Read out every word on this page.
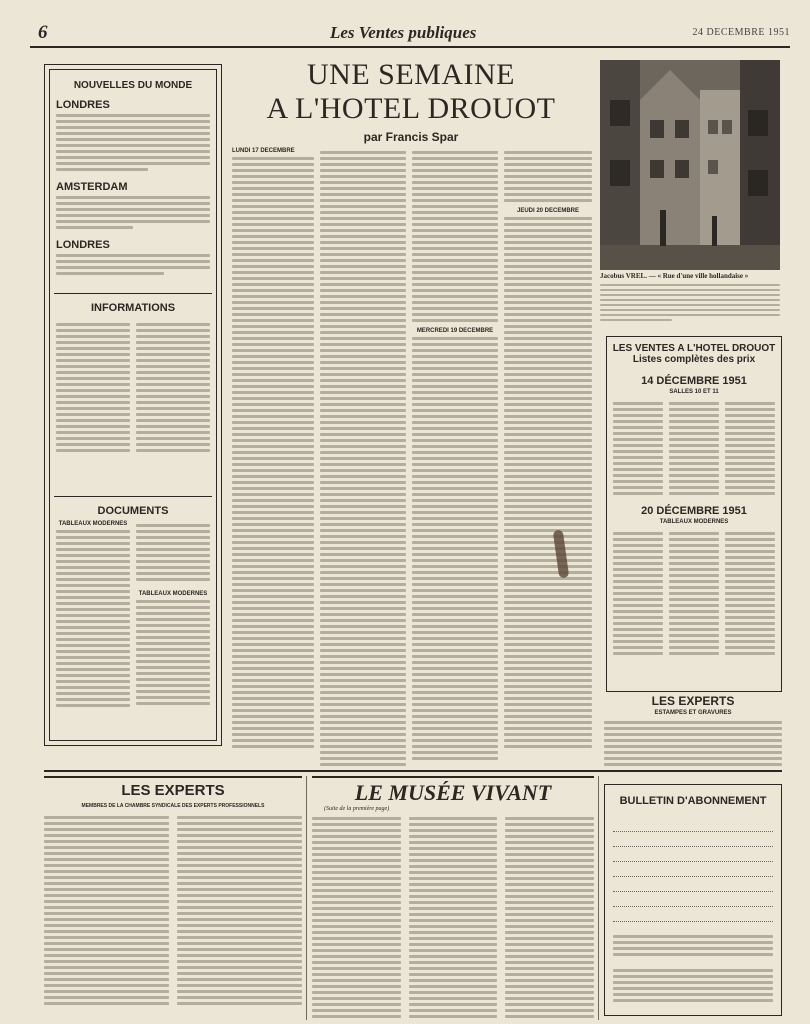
6	Les Ventes publiques	24 DECEMBRE 1951
NOUVELLES DU MONDE
LONDRES
AMSTERDAM
LONDRES
INFORMATIONS
DOCUMENTS
TABLEAUX MODERNES
TABLEAUX MODERNES
UNE SEMAINE
A L'HOTEL DROUOT
par Francis Spar
LUNDI 17 DECEMBRE
MERCREDI 19 DECEMBRE
JEUDI 20 DECEMBRE
Jacobus VREL. — « Rue d'une ville hollandaise »
LES VENTES A L'HOTEL DROUOT
Listes complètes des prix
14 DÉCEMBRE 1951
SALLES 10 ET 11
20 DÉCEMBRE 1951
TABLEAUX MODERNES
LES EXPERTS
ESTAMPES ET GRAVURES
LES EXPERTS
MEMBRES DE LA CHAMBRE SYNDICALE DES EXPERTS PROFESSIONNELS
LE MUSÉE VIVANT
(Suite de la première page)
BULLETIN D'ABONNEMENT
